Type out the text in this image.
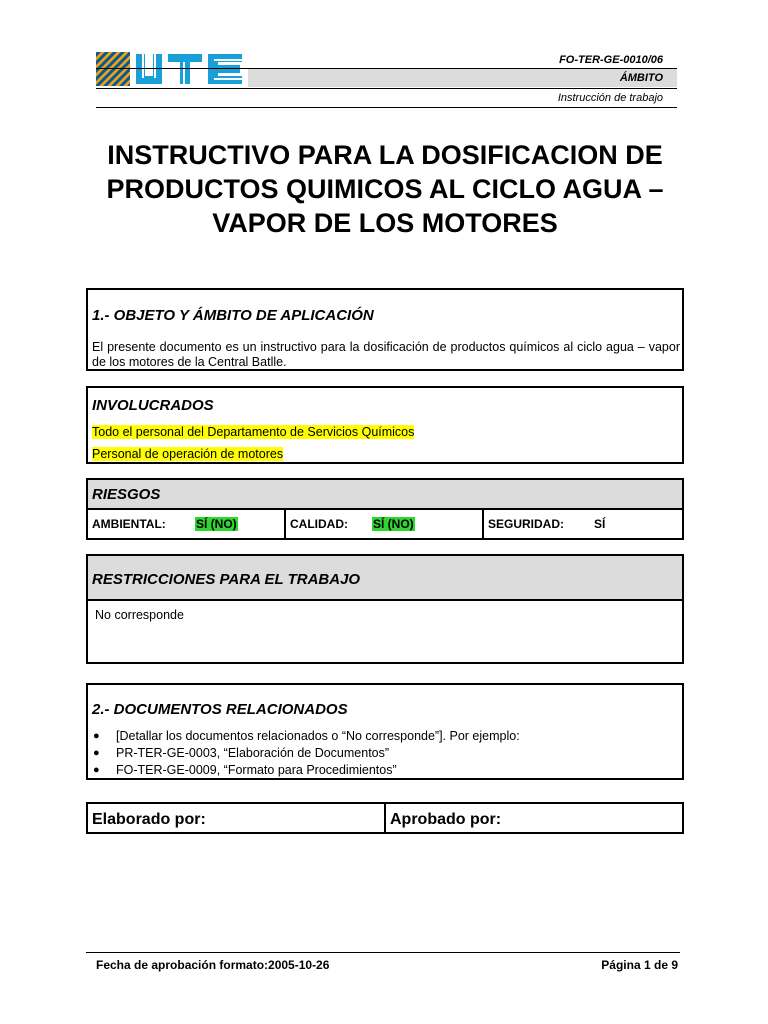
FO-TER-GE-0010/06
ÁMBITO
Instrucción de trabajo
INSTRUCTIVO PARA LA DOSIFICACION DE PRODUCTOS QUIMICOS AL CICLO AGUA – VAPOR DE LOS MOTORES
1.- OBJETO Y ÁMBITO DE APLICACIÓN
El presente documento es un instructivo para la dosificación de productos químicos al ciclo agua – vapor de los motores de la Central Batlle.
INVOLUCRADOS
Todo el personal del Departamento de Servicios Químicos
Personal de operación de motores
RIESGOS
AMBIENTAL:	SÍ (NO)	CALIDAD: SÍ (NO)	SEGURIDAD: SÍ
RESTRICCIONES PARA EL TRABAJO
No corresponde
2.- DOCUMENTOS RELACIONADOS
● [Detallar los documentos relacionados o “No corresponde”]. Por ejemplo:
● PR-TER-GE-0003, “Elaboración de Documentos”
● FO-TER-GE-0009, “Formato para Procedimientos”
Elaborado por:	Aprobado por:
Fecha de aprobación formato:2005-10-26	Página 1 de 9
